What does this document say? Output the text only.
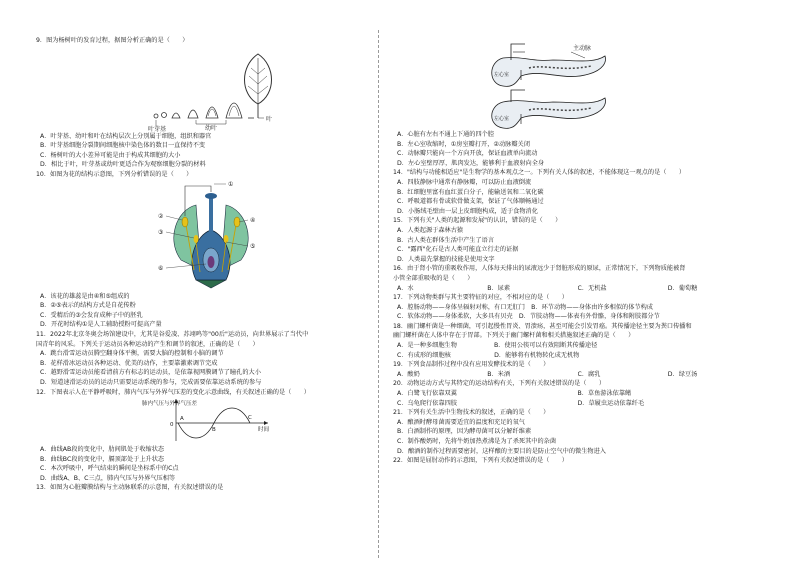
9．图为杨树叶的发育过程，据图分析正确的是（　　）

叶芽基	幼叶
叶

A．叶芽基、幼叶和叶在结构层次上分别属于细胞，组织和器官

B．叶芽基细胞分裂期间细胞核中染色体的数目一直保持不变

C．杨树叶的大小差异可能是由于构成其细胞的大小

D．相比于叶，叶芽基或幼叶更适合作为观察细胞分裂的材料

10．如图为花的结构示意图，下列分析错误的是（　　）

①
②
③
④
⑤
⑥

A．该花的雄蕊是由④和⑤组成的

B．②⑤表示的结构方式是自花传粉

C．受精后的③会发育成种子中的胚乳

D．开花时结构①是人工辅助授粉可提高产量

11．2022年北京冬奥会场馆建设中，尤其是谷爱凌、苏翊鸣等"00后"运动员，向世界展示了当代中

国青年的风采。下列关于运动员各种运动的产生和调节的叙述，正确的是（　　）

A．跳台滑雪运动员腾空翻身体平衡，需要大脑的控制和小脑的调节

B．花样滑冰运动员各种运动、优美的动作，主要靠激素调节完成

C．越野滑雪运动员能看清前方有标志的运动员，是依靠视网膜调节了瞳孔的大小

D．短道速滑运动员的运动只需要运动系统的参与，完成需要依靠运动系统的参与

12．下图表示人在平静呼吸时，肺内气压与外界气压差的变化示意曲线，有关叙述正确的是（　　）

肺内气压与外界气压差
0
A
B
C
时间

A．曲线AB段的变化中，肋间肌处于收缩状态

B．曲线BC段的变化中，膈顶部处于上升状态

C．本次呼吸中，呼气结束的瞬间是坐标系中的C点

D．曲线A、B、C三点，肺内气压与外界气压相等

13．如图为心脏瓣膜结构与主动脉联系的示意图，有关叙述错误的是

主动脉
左心室
左心室

A．心脏有左右不通上下通的四个腔

B．左心室收缩时，①房室瓣打开，②动脉瓣关闭

C．动脉瓣只能向一个方向开放，保证血液单向流动

D．左心室壁厚厚，肌肉发达，能够利于血液射向全身

14．"结构与功能相适应"是生物学的基本观点之一。下列有关人体的叙述，不能体现这一观点的是（　　）

A．四肢静脉中通常有静脉瓣，可以防止血液倒流

B．红细胞里富有血红蛋白分子，能输送氧和二氧化碳

C．呼吸道都有骨或软骨做支架，保证了气体顺畅通过

D．小肠绒毛壁由一层上皮细胞构成，适于食物消化

15．下列有关"人类的起源和发展"的认识，错误的是（　　）

A．人类起源于森林古猿

B．古人类在群体生活中产生了语言

C．"露西"化石是古人类可能直立行走的证据

D．人类最先掌握的技能是使用文字

16．由于肾小管的重吸收作用，人体每天排出的尿液远少于肾脏形成的原尿，正常情况下，下列物质能被肾

小管全部重吸收的是（　　）

A．水	B．尿素	C．无机盐	D．葡萄糖

17．下列动物类群与其主要特征的对应，不相对应的是（　　）

A．腔肠动物——身体呈辐射对称，有口无肛门　B．环节动物——身体由许多相似的体节构成

C．软体动物——身体柔软，大多具有贝壳　D．节肢动物——体表有外骨骼，身体和附肢都分节

18．幽门螺杆菌是一种细菌，可引起慢性胃炎、胃溃疡，甚至可能会引发胃癌。其传播途径主要为粪口传播和

幽门螺杆菌在人体中存在于胃部。下列关于幽门螺杆菌和相关措施叙述正确的是（　　）

A．是一种多细胞生物　　　　　　B．使用公筷可以有效阻断其传播途径

C．有成形的细胞核　　　　　　　D．能够将有机物转化成无机物

19．下列食品制作过程中没有应用发酵技术的是（　　）

A．酸奶	B．米酒	C．腐乳	D．绿豆汤

20．动物运动方式与其特定的运动结构有关，下列有关叙述错误的是（　　）

A．白鹭飞行依靠双翼	B．草鱼游泳依靠鳍
C．乌龟爬行依靠四肢	D．草履虫运动依靠纤毛

21．下列有关生活中生物技术的叙述，正确的是（　　）

A．酿酒时酵母菌需要适宜的温度和充足的氧气

B．白酒制作的原理，因为酵母菌可以分解纤维素

C．制作酸奶时，先将牛奶加热煮沸是为了杀死其中的杂菌

D．酿酒的制作过程需要密封，这样酿的主要目的是防止空气中的微生物进入

22．如图是屈肘动作的示意图，下列有关叙述错误的是（　　）
